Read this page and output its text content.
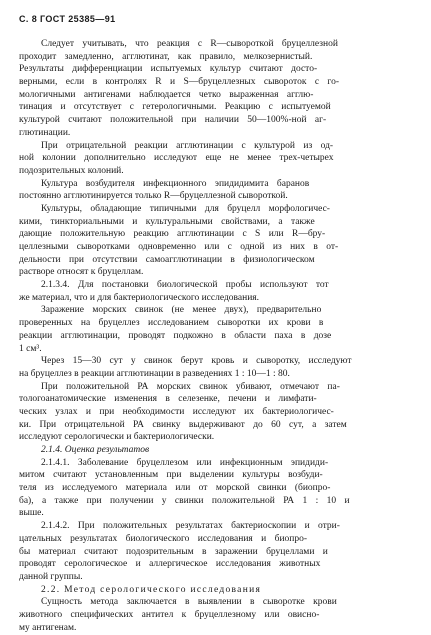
С. 8 ГОСТ 25385—91
Следует учитывать, что реакция с R—сывороткой бруцеллезной
проходит замедленно, агглютинат, как правило, мелкозернистый.
Результаты дифференциации испытуемых культур считают досто-
верными, если в контролях R и S—бруцеллезных сывороток с го-
мологичными антигенами наблюдается четко выраженная агглю-
тинация и отсутствует с гетерологичными. Реакцию с испытуемой
культурой считают положительной при наличии 50—100%-ной аг-
глютинации.
При отрицательной реакции агглютинации с культурой из од-
ной колонии дополнительно исследуют еще не менее трех-четырех
подозрительных колоний.
Культура возбудителя инфекционного эпидидимита баранов
постоянно агглютинируется только R—бруцеллезной сывороткой.
Культуры, обладающие типичными для бруцелл морфологичес-
кими, тинкториальными и культуральными свойствами, а также
дающие положительную реакцию агглютинации с S или R—бру-
целлезными сыворотками одновременно или с одной из них в от-
дельности при отсутствии самоагглютинации в физиологическом
растворе относят к бруцеллам.
2.1.3.4. Для постановки биологической пробы используют тот
же материал, что и для бактериологического исследования.
Заражение морских свинок (не менее двух), предварительно
проверенных на бруцеллез исследованием сыворотки их крови в
реакции агглютинации, проводят подкожно в области паха в дозе
1 см³.
Через 15—30 сут у свинок берут кровь и сыворотку, исследуют
на бруцеллез в реакции агглютинации в разведениях 1 : 10—1 : 80.
При положительной РА морских свинок убивают, отмечают па-
тологоанатомические изменения в селезенке, печени и лимфати-
ческих узлах и при необходимости исследуют их бактериологичес-
ки. При отрицательной РА свинку выдерживают до 60 сут, а затем
исследуют серологически и бактериологически.
2.1.4. Оценка результатов
2.1.4.1. Заболевание бруцеллезом или инфекционным эпидиди-
митом считают установленным при выделении культуры возбуди-
теля из исследуемого материала или от морской свинки (биопро-
ба), а также при получении у свинки положительной РА 1 : 10 и
выше.
2.1.4.2. При положительных результатах бактериоскопии и отри-
цательных результатах биологического исследования и биопро-
бы материал считают подозрительным в заражении бруцеллами и
проводят серологическое и аллергическое исследования животных
данной группы.
2.2. Метод серологического исследования
Сущность метода заключается в выявлении в сыворотке крови
животного специфических антител к бруцеллезному или овисно-
му антигенам.
